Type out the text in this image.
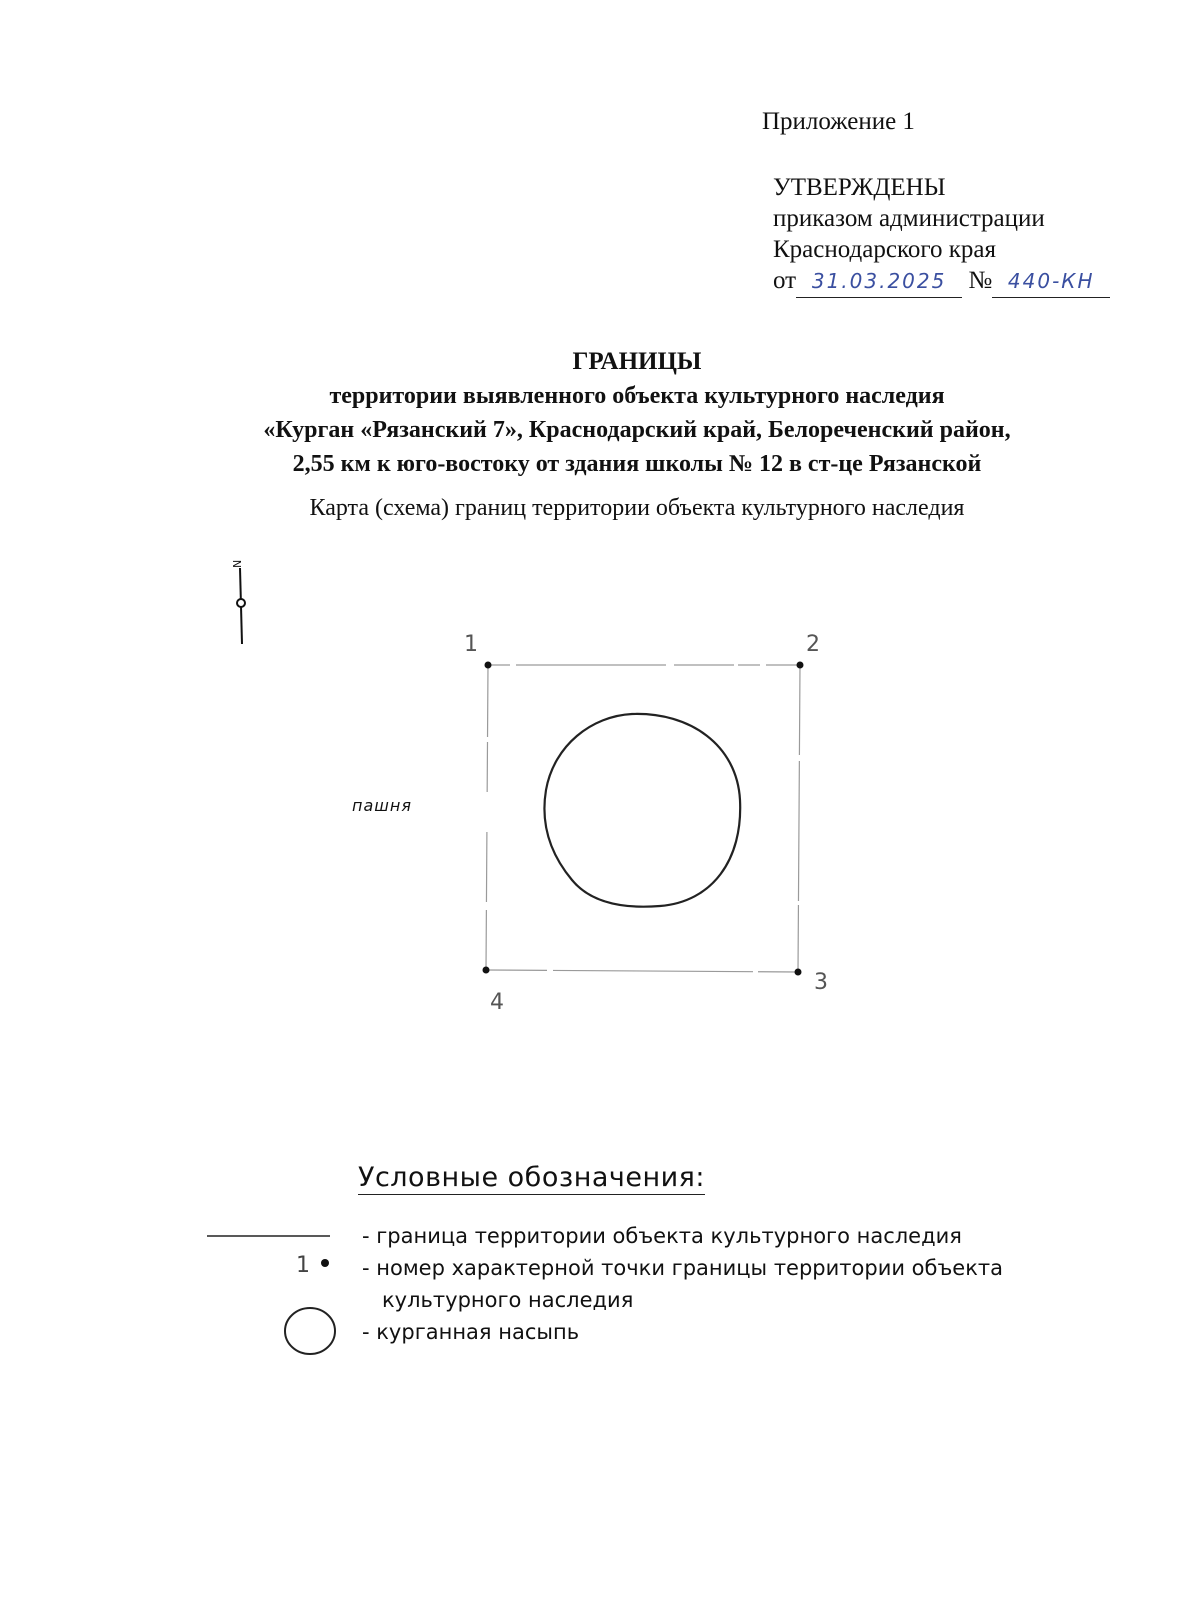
Приложение 1
УТВЕРЖДЕНЫ
приказом администрации
Краснодарского края
от 31.03.2025 № 440-КН
ГРАНИЦЫ
территории выявленного объекта культурного наследия
«Курган «Рязанский 7», Краснодарский край, Белореченский район,
2,55 км к юго-востоку от здания школы № 12 в ст-це Рязанской
Карта (схема) границ территории объекта культурного наследия
N
1	2
3
4
пашня
Условные обозначения:
1
- граница территории объекта культурного наследия
- номер характерной точки границы территории объекта
культурного наследия
- курганная насыпь
